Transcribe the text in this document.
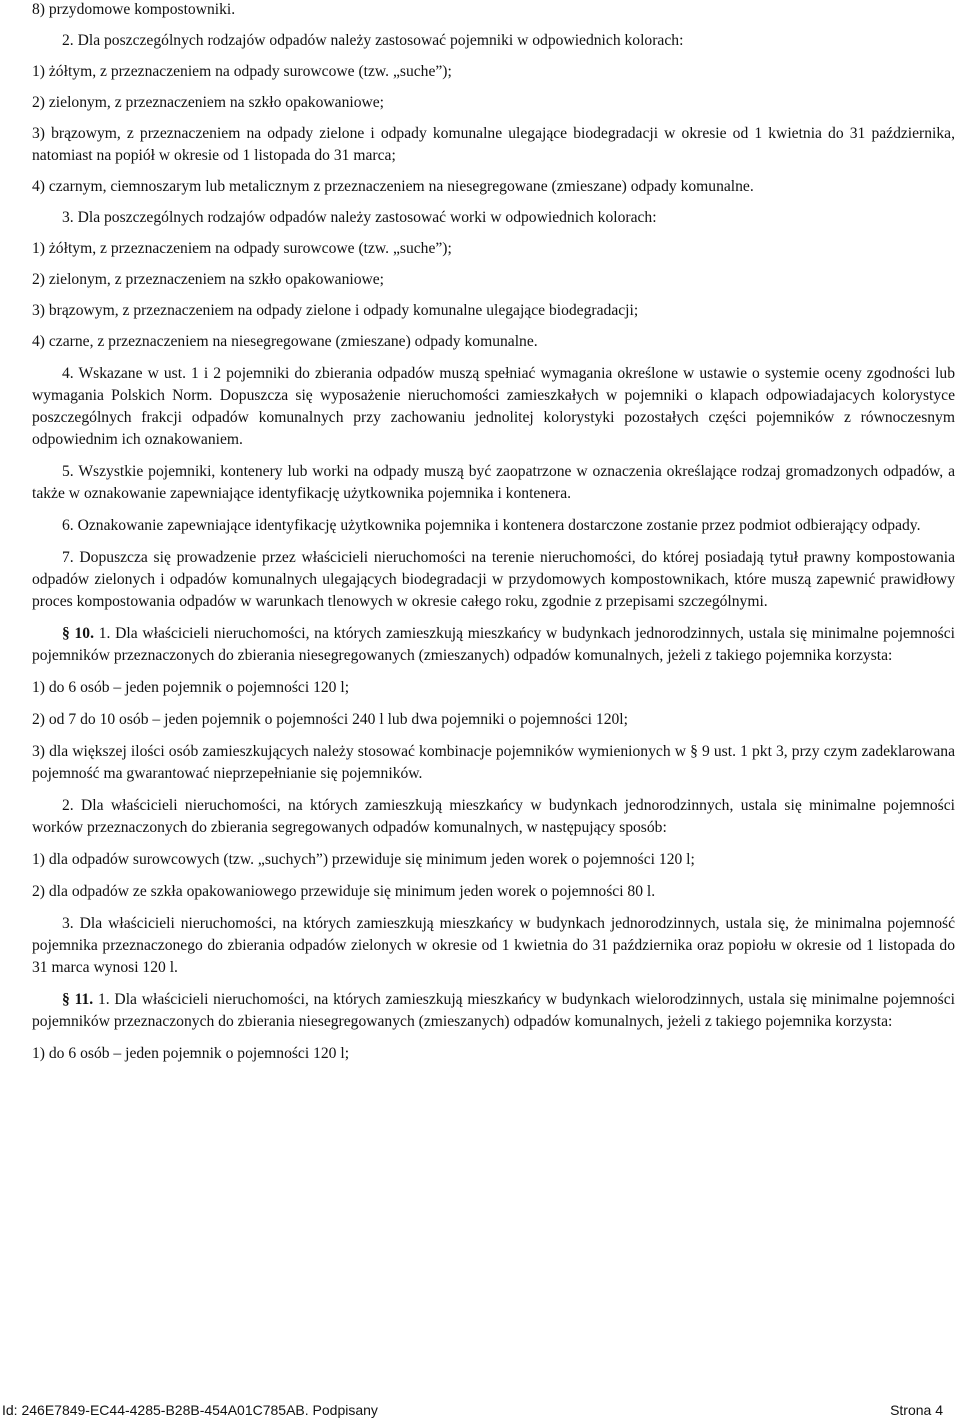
8) przydomowe kompostowniki.

2. Dla poszczególnych rodzajów odpadów należy zastosować pojemniki w odpowiednich kolorach:

1) żółtym, z przeznaczeniem na odpady surowcowe (tzw. „suche”);

2) zielonym, z przeznaczeniem na szkło opakowaniowe;

3) brązowym, z przeznaczeniem na odpady zielone i odpady komunalne ulegające biodegradacji w okresie od 1 kwietnia do 31 października, natomiast na popiół w okresie od 1 listopada do 31 marca;

4) czarnym, ciemnoszarym lub metalicznym z przeznaczeniem na niesegregowane (zmieszane) odpady komunalne.

3. Dla poszczególnych rodzajów odpadów należy zastosować worki w odpowiednich kolorach:

1) żółtym, z przeznaczeniem na odpady surowcowe (tzw. „suche”);

2) zielonym, z przeznaczeniem na szkło opakowaniowe;

3) brązowym, z przeznaczeniem na odpady zielone i odpady komunalne ulegające biodegradacji;

4) czarne, z przeznaczeniem na niesegregowane (zmieszane) odpady komunalne.

4. Wskazane w ust. 1 i 2 pojemniki do zbierania odpadów muszą spełniać wymagania określone w ustawie o systemie oceny zgodności lub wymagania Polskich Norm. Dopuszcza się wyposażenie nieruchomości zamieszkałych w pojemniki o klapach odpowiadajacych kolorystyce poszczególnych frakcji odpadów komunalnych przy zachowaniu jednolitej kolorystyki pozostałych części pojemników z równoczesnym odpowiednim ich oznakowaniem.

5. Wszystkie pojemniki, kontenery lub worki na odpady muszą być zaopatrzone w oznaczenia określające rodzaj gromadzonych odpadów, a także w oznakowanie zapewniające identyfikację użytkownika pojemnika i kontenera.

6. Oznakowanie zapewniające identyfikację użytkownika pojemnika i kontenera dostarczone zostanie przez podmiot odbierający odpady.

7. Dopuszcza się prowadzenie przez właścicieli nieruchomości na terenie nieruchomości, do której posiadają tytuł prawny kompostowania odpadów zielonych i odpadów komunalnych ulegających biodegradacji w przydomowych kompostownikach, które muszą zapewnić prawidłowy proces kompostowania odpadów w warunkach tlenowych w okresie całego roku, zgodnie z przepisami szczególnymi.

§ 10. 1. Dla właścicieli nieruchomości, na których zamieszkują mieszkańcy w budynkach jednorodzinnych, ustala się minimalne pojemności pojemników przeznaczonych do zbierania niesegregowanych (zmieszanych) odpadów komunalnych, jeżeli z takiego pojemnika korzysta:

1) do 6 osób – jeden pojemnik o pojemności 120 l;

2) od 7 do 10 osób – jeden pojemnik o pojemności 240 l lub dwa pojemniki o pojemności 120l;

3) dla większej ilości osób zamieszkujących należy stosować kombinacje pojemników wymienionych w § 9 ust. 1 pkt 3, przy czym zadeklarowana pojemność ma gwarantować nieprzepełnianie się pojemników.

2. Dla właścicieli nieruchomości, na których zamieszkują mieszkańcy w budynkach jednorodzinnych, ustala się minimalne pojemności worków przeznaczonych do zbierania segregowanych odpadów komunalnych, w następujący sposób:

1) dla odpadów surowcowych (tzw. „suchych”) przewiduje się minimum jeden worek o pojemności 120 l;

2) dla odpadów ze szkła opakowaniowego przewiduje się minimum jeden worek o pojemności 80 l.

3. Dla właścicieli nieruchomości, na których zamieszkują mieszkańcy w budynkach jednorodzinnych, ustala się, że minimalna pojemność pojemnika przeznaczonego do zbierania odpadów zielonych w okresie od 1 kwietnia do 31 października oraz popiołu w okresie od 1 listopada do 31 marca wynosi 120 l.

§ 11. 1. Dla właścicieli nieruchomości, na których zamieszkują mieszkańcy w budynkach wielorodzinnych, ustala się minimalne pojemności pojemników przeznaczonych do zbierania niesegregowanych (zmieszanych) odpadów komunalnych, jeżeli z takiego pojemnika korzysta:

1) do 6 osób – jeden pojemnik o pojemności 120 l;

Id: 246E7849-EC44-4285-B28B-454A01C785AB. Podpisany	Strona 4
